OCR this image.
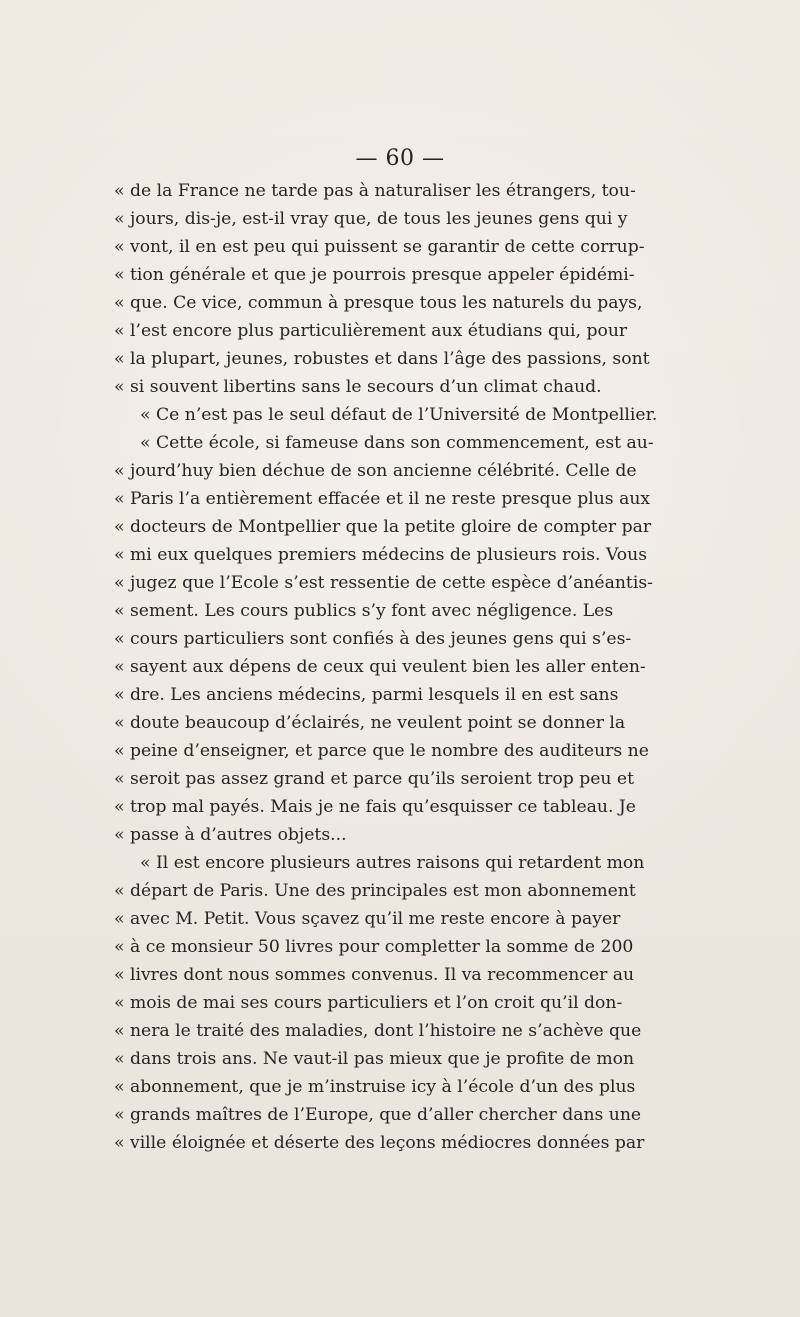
— 60 —
« de la France ne tarde pas à naturaliser les étrangers, tou-
« jours, dis-je, est-il vray que, de tous les jeunes gens qui y
« vont, il en est peu qui puissent se garantir de cette corrup-
« tion générale et que je pourrois presque appeler épidémi-
« que. Ce vice, commun à presque tous les naturels du pays,
« l’est encore plus particulièrement aux étudians qui, pour
« la plupart, jeunes, robustes et dans l’âge des passions, sont
« si souvent libertins sans le secours d’un climat chaud.
« Ce n’est pas le seul défaut de l’Université de Montpellier.
« Cette école, si fameuse dans son commencement, est au-
« jourd’huy bien déchue de son ancienne célébrité. Celle de
« Paris l’a entièrement effacée et il ne reste presque plus aux
« docteurs de Montpellier que la petite gloire de compter par
« mi eux quelques premiers médecins de plusieurs rois. Vous
« jugez que l’Ecole s’est ressentie de cette espèce d’anéantis-
« sement. Les cours publics s’y font avec négligence. Les
« cours particuliers sont confiés à des jeunes gens qui s’es-
« sayent aux dépens de ceux qui veulent bien les aller enten-
« dre. Les anciens médecins, parmi lesquels il en est sans
« doute beaucoup d’éclairés, ne veulent point se donner la
« peine d’enseigner, et parce que le nombre des auditeurs ne
« seroit pas assez grand et parce qu’ils seroient trop peu et
« trop mal payés. Mais je ne fais qu’esquisser ce tableau. Je
« passe à d’autres objets...
« Il est encore plusieurs autres raisons qui retardent mon
« départ de Paris. Une des principales est mon abonnement
« avec M. Petit. Vous sçavez qu’il me reste encore à payer
« à ce monsieur 50 livres pour completter la somme de 200
« livres dont nous sommes convenus. Il va recommencer au
« mois de mai ses cours particuliers et l’on croit qu’il don-
« nera le traité des maladies, dont l’histoire ne s’achève que
« dans trois ans. Ne vaut-il pas mieux que je profite de mon
« abonnement, que je m’instruise icy à l’école d’un des plus
« grands maîtres de l’Europe, que d’aller chercher dans une
« ville éloignée et déserte des leçons médiocres données par
